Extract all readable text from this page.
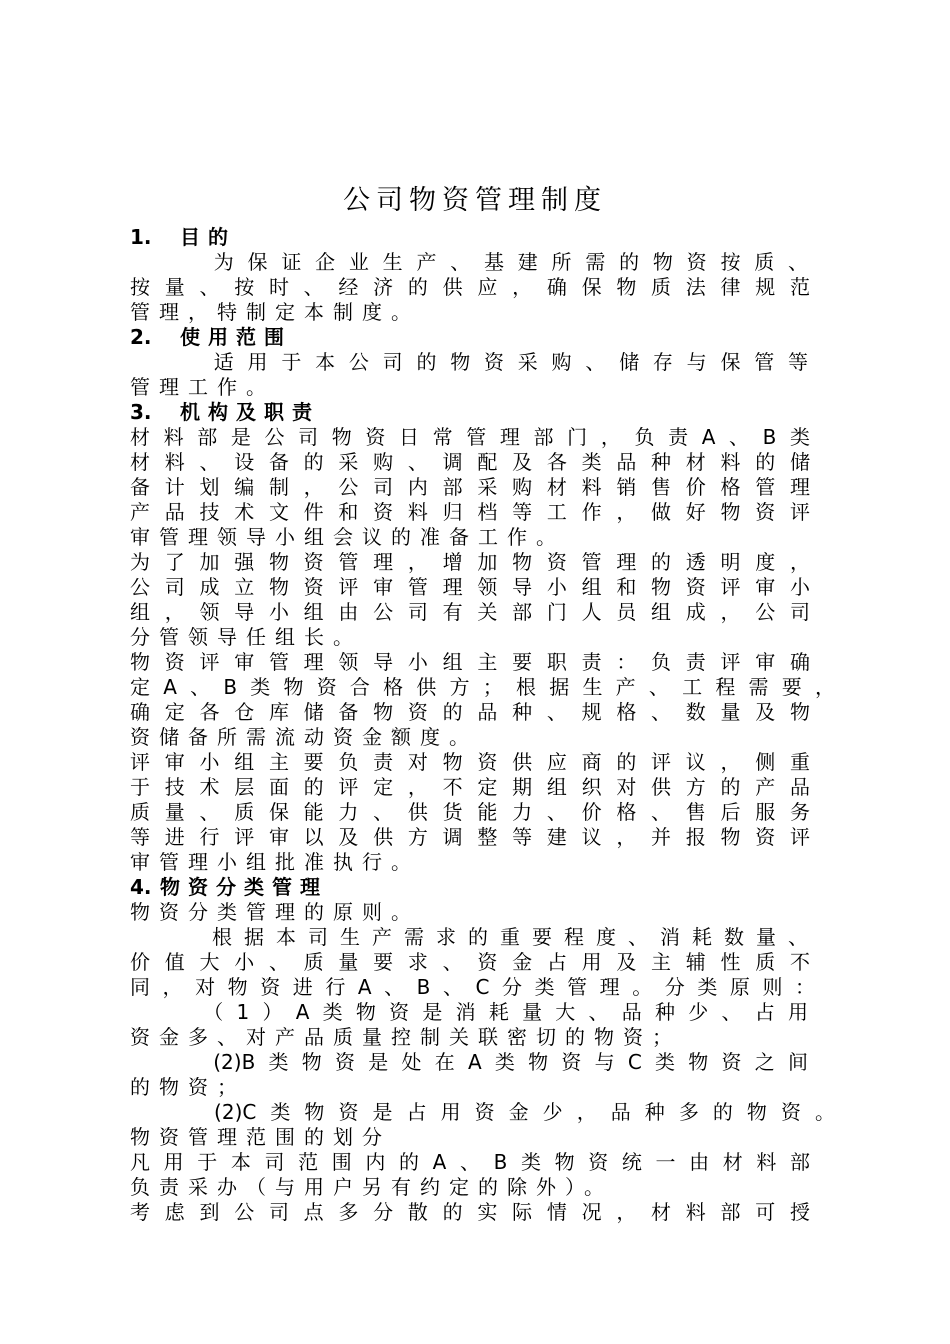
公司物资管理制度
1. 目的
　为保证企业生产、基建所需的物资按质、
按量、按时、经济的供应，确保物质法律规范
管理，特制定本制度。
2. 使用范围
　适用于本公司的物资采购、储存与保管等
管理工作。
3. 机构及职责
材料部是公司物资日常管理部门，负责A、B类
材料、设备的采购、调配及各类品种材料的储
备计划编制，公司内部采购材料销售价格管理
产品技术文件和资料归档等工作，做好物资评
审管理领导小组会议的准备工作。
为了加强物资管理，增加物资管理的透明度，
公司成立物资评审管理领导小组和物资评审小
组，领导小组由公司有关部门人员组成，公司
分管领导任组长。
物资评审管理领导小组主要职责：负责评审确
定A、B类物资合格供方；根据生产、工程需要，
确定各仓库储备物资的品种、规格、数量及物
资储备所需流动资金额度。
评审小组主要负责对物资供应商的评议，侧重
于技术层面的评定，不定期组织对供方的产品
质量、质保能力、供货能力、价格、售后服务
等进行评审以及供方调整等建议，并报物资评
审管理小组批准执行。
4. 物资分类管理
物资分类管理的原则。
　根据本司生产需求的重要程度、消耗数量、
价值大小、质量要求、资金占用及主辅性质不
同，对物资进行A、B、C分类管理。分类原则：
　（1）A类物资是消耗量大、品种少、占用
资金多、对产品质量控制关联密切的物资；
　(2)B类物资是处在A类物资与C类物资之间
的物资；
　(2)C类物资是占用资金少，品种多的物资。
物资管理范围的划分
凡用于本司范围内的A、B类物资统一由材料部
负责采办（与用户另有约定的除外）。
考虑到公司点多分散的实际情况，材料部可授
